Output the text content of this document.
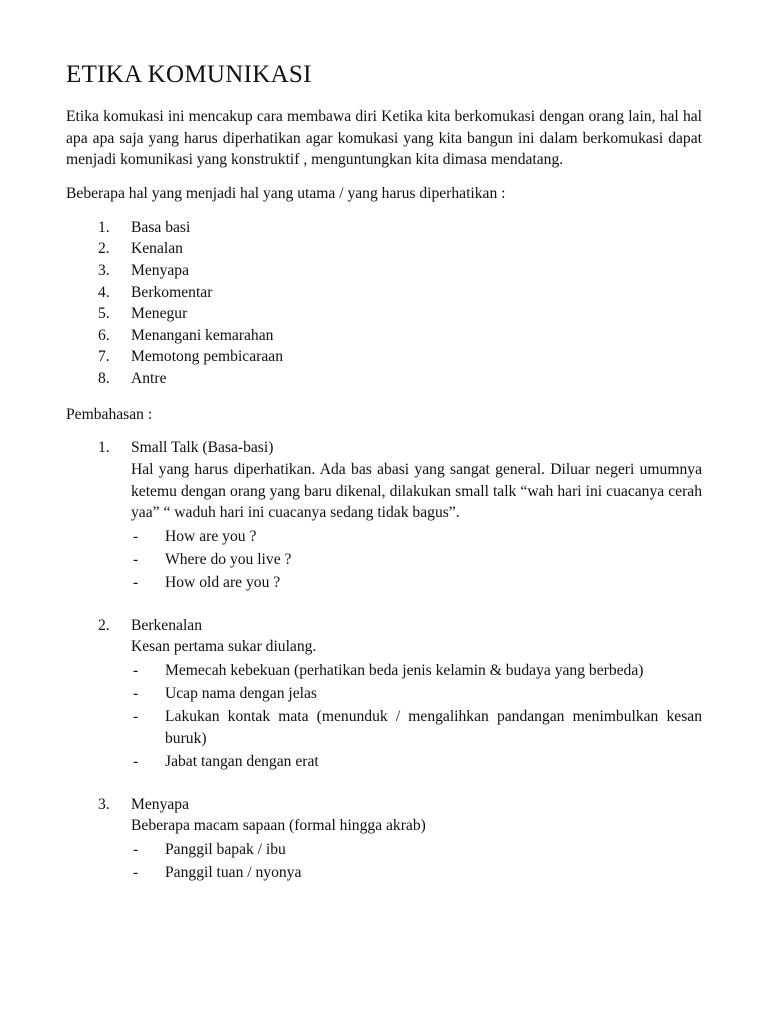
ETIKA KOMUNIKASI

Etika komukasi ini mencakup cara membawa diri Ketika kita berkomukasi dengan orang lain, hal hal apa apa saja yang harus diperhatikan agar komukasi yang kita bangun ini dalam berkomukasi dapat menjadi komunikasi yang konstruktif , menguntungkan kita dimasa mendatang.

Beberapa hal yang menjadi hal yang utama / yang harus diperhatikan :

1. Basa basi
2. Kenalan
3. Menyapa
4. Berkomentar
5. Menegur
6. Menangani kemarahan
7. Memotong pembicaraan
8. Antre

Pembahasan :

1. Small Talk (Basa-basi)
Hal yang harus diperhatikan. Ada bas abasi yang sangat general. Diluar negeri umumnya ketemu dengan orang yang baru dikenal, dilakukan small talk “wah hari ini cuacanya cerah yaa” “ waduh hari ini cuacanya sedang tidak bagus”.
- How are you ?
- Where do you live ?
- How old are you ?
2. Berkenalan
Kesan pertama sukar diulang.
- Memecah kebekuan (perhatikan beda jenis kelamin & budaya yang berbeda)
- Ucap nama dengan jelas
- Lakukan kontak mata (menunduk / mengalihkan pandangan menimbulkan kesan buruk)
- Jabat tangan dengan erat
3. Menyapa
Beberapa macam sapaan (formal hingga akrab)
- Panggil bapak / ibu
- Panggil tuan / nyonya
